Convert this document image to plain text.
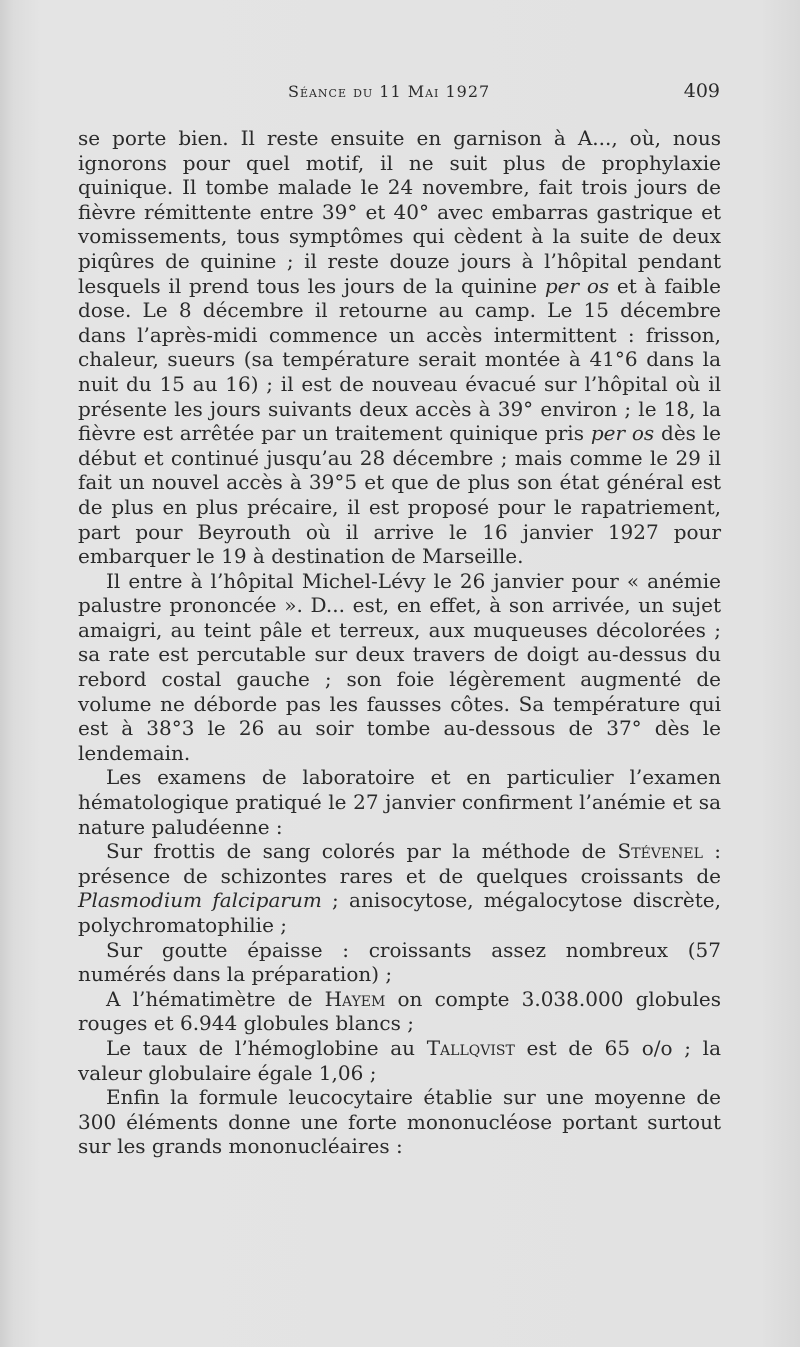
Séance du 11 Mai 1927	409

se porte bien. Il reste ensuite en garnison à A..., où, nous ignorons pour quel motif, il ne suit plus de prophylaxie quinique. Il tombe malade le 24 novembre, fait trois jours de fièvre rémittente entre 39° et 40° avec embarras gastrique et vomissements, tous symptômes qui cèdent à la suite de deux piqûres de quinine ; il reste douze jours à l’hôpital pendant lesquels il prend tous les jours de la quinine per os et à faible dose. Le 8 décembre il retourne au camp. Le 15 décembre dans l’après-midi commence un accès intermittent : frisson, chaleur, sueurs (sa température serait montée à 41°6 dans la nuit du 15 au 16) ; il est de nouveau évacué sur l’hôpital où il présente les jours suivants deux accès à 39° environ ; le 18, la fièvre est arrêtée par un traitement quinique pris per os dès le début et continué jusqu’au 28 décembre ; mais comme le 29 il fait un nouvel accès à 39°5 et que de plus son état général est de plus en plus précaire, il est proposé pour le rapatriement, part pour Beyrouth où il arrive le 16 janvier 1927 pour embarquer le 19 à destination de Marseille.

Il entre à l’hôpital Michel-Lévy le 26 janvier pour « anémie palustre prononcée ». D... est, en effet, à son arrivée, un sujet amaigri, au teint pâle et terreux, aux muqueuses décolorées ; sa rate est percutable sur deux travers de doigt au-dessus du rebord costal gauche ; son foie légèrement augmenté de volume ne déborde pas les fausses côtes. Sa température qui est à 38°3 le 26 au soir tombe au-dessous de 37° dès le lendemain.

Les examens de laboratoire et en particulier l’examen hématologique pratiqué le 27 janvier confirment l’anémie et sa nature paludéenne :

Sur frottis de sang colorés par la méthode de Stévenel : présence de schizontes rares et de quelques croissants de Plasmodium falciparum ; anisocytose, mégalocytose discrète, polychromatophilie ;

Sur goutte épaisse : croissants assez nombreux (57 numérés dans la préparation) ;

A l’hématimètre de Hayem on compte 3.038.000 globules rouges et 6.944 globules blancs ;

Le taux de l’hémoglobine au Tallqvist est de 65 o/o ; la valeur globulaire égale 1,06 ;

Enfin la formule leucocytaire établie sur une moyenne de 300 éléments donne une forte mononucléose portant surtout sur les grands mononucléaires :
